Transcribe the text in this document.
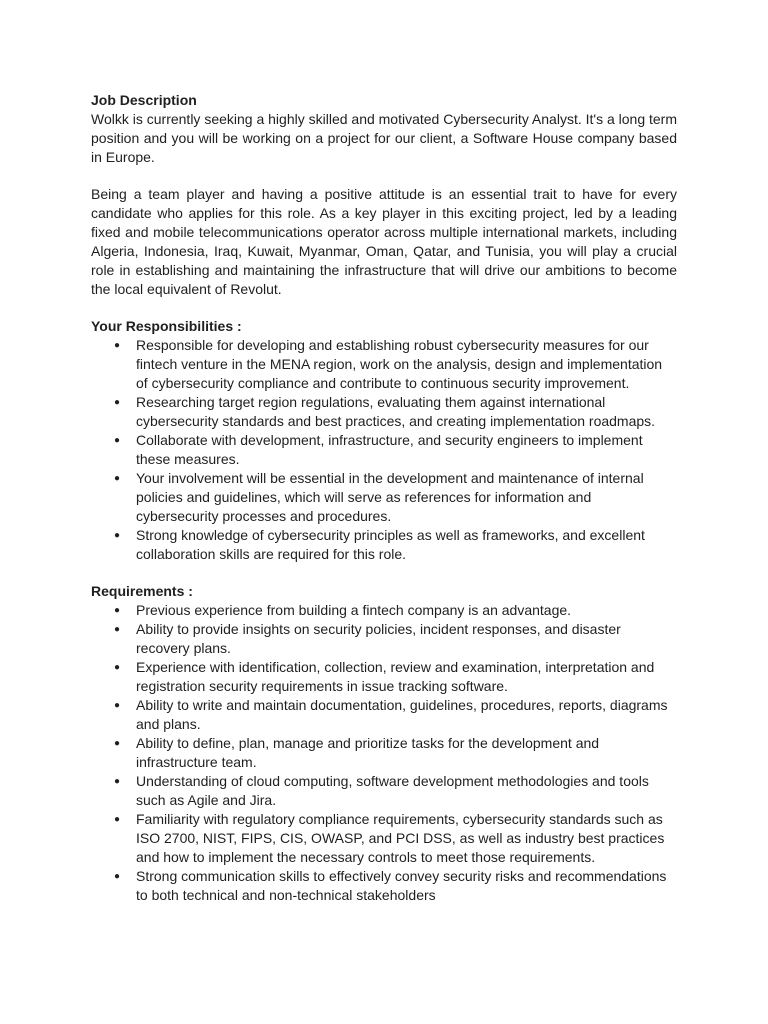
Job Description

Wolkk is currently seeking a highly skilled and motivated Cybersecurity Analyst. It's a long term position and you will be working on a project for our client, a Software House company based in Europe.

Being a team player and having a positive attitude is an essential trait to have for every candidate who applies for this role. As a key player in this exciting project, led by a leading fixed and mobile telecommunications operator across multiple international markets, including Algeria, Indonesia, Iraq, Kuwait, Myanmar, Oman, Qatar, and Tunisia, you will play a crucial role in establishing and maintaining the infrastructure that will drive our ambitions to become the local equivalent of Revolut.

Your Responsibilities :

● Responsible for developing and establishing robust cybersecurity measures for our fintech venture in the MENA region, work on the analysis, design and implementation of cybersecurity compliance and contribute to continuous security improvement.
● Researching target region regulations, evaluating them against international cybersecurity standards and best practices, and creating implementation roadmaps.
● Collaborate with development, infrastructure, and security engineers to implement these measures.
● Your involvement will be essential in the development and maintenance of internal policies and guidelines, which will serve as references for information and cybersecurity processes and procedures.
● Strong knowledge of cybersecurity principles as well as frameworks, and excellent collaboration skills are required for this role.

Requirements :

● Previous experience from building a fintech company is an advantage.
● Ability to provide insights on security policies, incident responses, and disaster recovery plans.
● Experience with identification, collection, review and examination, interpretation and registration security requirements in issue tracking software.
● Ability to write and maintain documentation, guidelines, procedures, reports, diagrams and plans.
● Ability to define, plan, manage and prioritize tasks for the development and infrastructure team.
● Understanding of cloud computing, software development methodologies and tools such as Agile and Jira.
● Familiarity with regulatory compliance requirements, cybersecurity standards such as ISO 2700, NIST, FIPS, CIS, OWASP, and PCI DSS, as well as industry best practices and how to implement the necessary controls to meet those requirements.
● Strong communication skills to effectively convey security risks and recommendations to both technical and non-technical stakeholders
